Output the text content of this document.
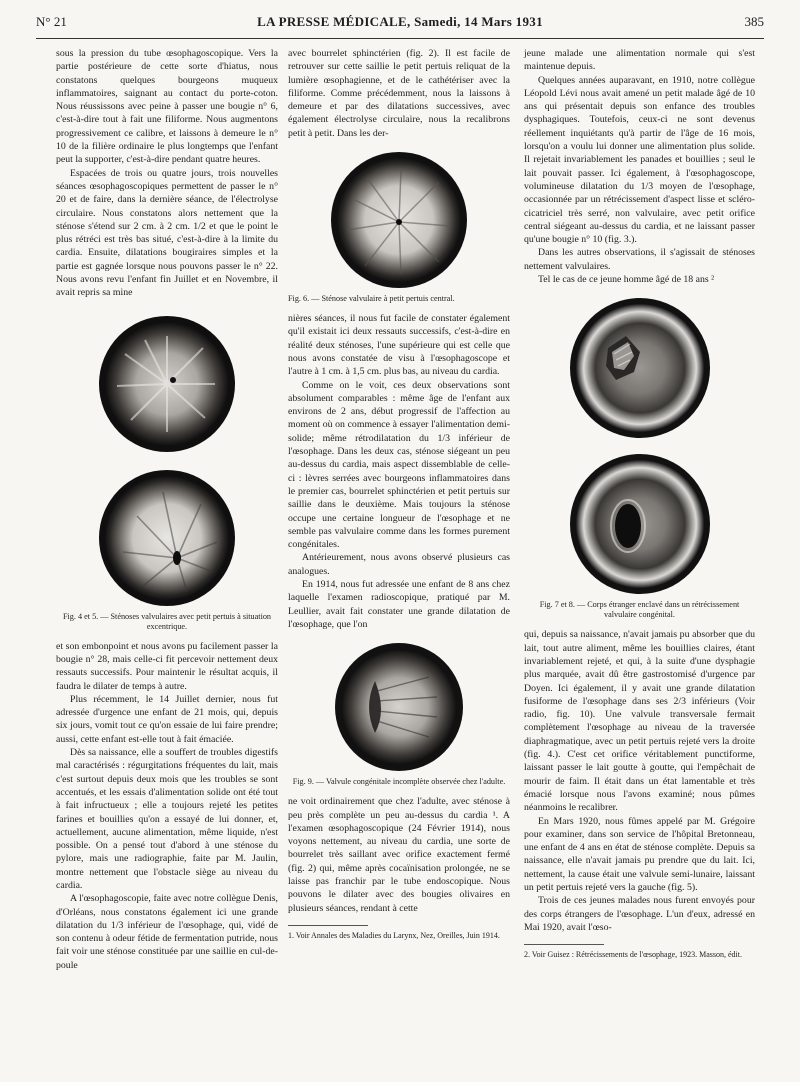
N° 21	LA PRESSE MÉDICALE, Samedi, 14 Mars 1931	385

sous la pression du tube œsophagoscopique. Vers la partie postérieure de cette sorte d'hiatus, nous constatons quelques bourgeons muqueux inflammatoires, saignant au contact du porte-coton. Nous réussissons avec peine à passer une bougie n° 6, c'est-à-dire tout à fait une filiforme. Nous augmentons progressivement ce calibre, et laissons à demeure le n° 10 de la filière ordinaire le plus longtemps que l'enfant peut la supporter, c'est-à-dire pendant quatre heures.

Espacées de trois ou quatre jours, trois nouvelles séances œsophagoscopiques permettent de passer le n° 20 et de faire, dans la dernière séance, de l'électrolyse circulaire. Nous constatons alors nettement que la sténose s'étend sur 2 cm. à 2 cm. 1/2 et que le point le plus rétréci est très bas situé, c'est-à-dire à la limite du cardia. Ensuite, dilatations bougiraires simples et la partie est gagnée lorsque nous pouvons passer le n° 22. Nous avons revu l'enfant fin Juillet et en Novembre, il avait repris sa mine

Fig. 4 et 5. — Sténoses valvulaires avec petit pertuis à situation excentrique.

et son embonpoint et nous avons pu facilement passer la bougie n° 28, mais celle-ci fit percevoir nettement deux ressauts successifs. Pour maintenir le résultat acquis, il faudra le dilater de temps à autre.

Plus récemment, le 14 Juillet dernier, nous fut adressée d'urgence une enfant de 21 mois, qui, depuis six jours, vomit tout ce qu'on essaie de lui faire prendre; aussi, cette enfant est-elle tout à fait émaciée.

Dès sa naissance, elle a souffert de troubles digestifs mal caractérisés : régurgitations fréquentes du lait, mais c'est surtout depuis deux mois que les troubles se sont accentués, et les essais d'alimentation solide ont été tout à fait infructueux ; elle a toujours rejeté les petites farines et bouillies qu'on a essayé de lui donner, et, actuellement, aucune alimentation, même liquide, n'est possible. On a pensé tout d'abord à une sténose du pylore, mais une radiographie, faite par M. Jaulin, montre nettement que l'obstacle siège au niveau du cardia.

A l'œsophagoscopie, faite avec notre collègue Denis, d'Orléans, nous constatons également ici une grande dilatation du 1/3 inférieur de l'œsophage, qui, vidé de son contenu à odeur fétide de fermentation putride, nous fait voir une sténose constituée par une saillie en cul-de-poule

avec bourrelet sphinctérien (fig. 2). Il est facile de retrouver sur cette saillie le petit pertuis reliquat de la lumière œsophagienne, et de le cathétériser avec la filiforme. Comme précédemment, nous la laissons à demeure et par des dilatations successives, avec également électrolyse circulaire, nous la recalibrons petit à petit. Dans les der-

Fig. 6. — Sténose valvulaire à petit pertuis central.

nières séances, il nous fut facile de constater également qu'il existait ici deux ressauts successifs, c'est-à-dire en réalité deux sténoses, l'une supérieure qui est celle que nous avons constatée de visu à l'œsophagoscope et l'autre à 1 cm. à 1,5 cm. plus bas, au niveau du cardia.

Comme on le voit, ces deux observations sont absolument comparables : même âge de l'enfant aux environs de 2 ans, début progressif de l'affection au moment où on commence à essayer l'alimentation demi-solide; même rétrodilatation du 1/3 inférieur de l'œsophage. Dans les deux cas, sténose siégeant un peu au-dessus du cardia, mais aspect dissemblable de celle-ci : lèvres serrées avec bourgeons inflammatoires dans le premier cas, bourrelet sphinctérien et petit pertuis sur saillie dans le deuxième. Mais toujours la sténose occupe une certaine longueur de l'œsophage et ne semble pas valvulaire comme dans les formes purement congénitales.

Antérieurement, nous avons observé plusieurs cas analogues.

En 1914, nous fut adressée une enfant de 8 ans chez laquelle l'examen radioscopique, pratiqué par M. Leullier, avait fait constater une grande dilatation de l'œsophage, que l'on

Fig. 9. — Valvule congénitale incomplète observée chez l'adulte.

ne voit ordinairement que chez l'adulte, avec sténose à peu près complète un peu au-dessus du cardia ¹. A l'examen œsophagoscopique (24 Février 1914), nous voyons nettement, au niveau du cardia, une sorte de bourrelet très saillant avec orifice exactement fermé (fig. 2) qui, même après cocaïnisation prolongée, ne se laisse pas franchir par le tube endoscopique. Nous pouvons le dilater avec des bougies olivaires en plusieurs séances, rendant à cette

1. Voir Annales des Maladies du Larynx, Nez, Oreilles, Juin 1914.

jeune malade une alimentation normale qui s'est maintenue depuis.

Quelques années auparavant, en 1910, notre collègue Léopold Lévi nous avait amené un petit malade âgé de 10 ans qui présentait depuis son enfance des troubles dysphagiques. Toutefois, ceux-ci ne sont devenus réellement inquiétants qu'à partir de l'âge de 16 mois, lorsqu'on a voulu lui donner une alimentation plus solide. Il rejetait invariablement les panades et bouillies ; seul le lait pouvait passer. Ici également, à l'œsophagoscope, volumineuse dilatation du 1/3 moyen de l'œsophage, occasionnée par un rétrécissement d'aspect lisse et scléro-cicatriciel très serré, non valvulaire, avec petit orifice central siégeant au-dessus du cardia, et ne laissant passer qu'une bougie n° 10 (fig. 3.).

Dans les autres observations, il s'agissait de sténoses nettement valvulaires.

Tel le cas de ce jeune homme âgé de 18 ans ²

Fig. 7 et 8. — Corps étranger enclavé dans un rétrécissement valvulaire congénital.

qui, depuis sa naissance, n'avait jamais pu absorber que du lait, tout autre aliment, même les bouillies claires, étant invariablement rejeté, et qui, à la suite d'une dysphagie plus marquée, avait dû être gastrostomisé d'urgence par Doyen. Ici également, il y avait une grande dilatation fusiforme de l'œsophage dans ses 2/3 inférieurs (Voir radio, fig. 10). Une valvule transversale fermait complètement l'œsophage au niveau de la traversée diaphragmatique, avec un petit pertuis rejeté vers la droite (fig. 4.). C'est cet orifice véritablement punctiforme, laissant passer le lait goutte à goutte, qui l'empêchait de mourir de faim. Il était dans un état lamentable et très émacié lorsque nous l'avons examiné; nous pûmes néanmoins le recalibrer.

En Mars 1920, nous fûmes appelé par M. Grégoire pour examiner, dans son service de l'hôpital Bretonneau, une enfant de 4 ans en état de sténose complète. Depuis sa naissance, elle n'avait jamais pu prendre que du lait. Ici, nettement, la cause était une valvule semi-lunaire, laissant un petit pertuis rejeté vers la gauche (fig. 5).

Trois de ces jeunes malades nous furent envoyés pour des corps étrangers de l'œsophage. L'un d'eux, adressé en Mai 1920, avait l'œso-

2. Voir Guisez : Rétrécissements de l'œsophage, 1923. Masson, édit.
